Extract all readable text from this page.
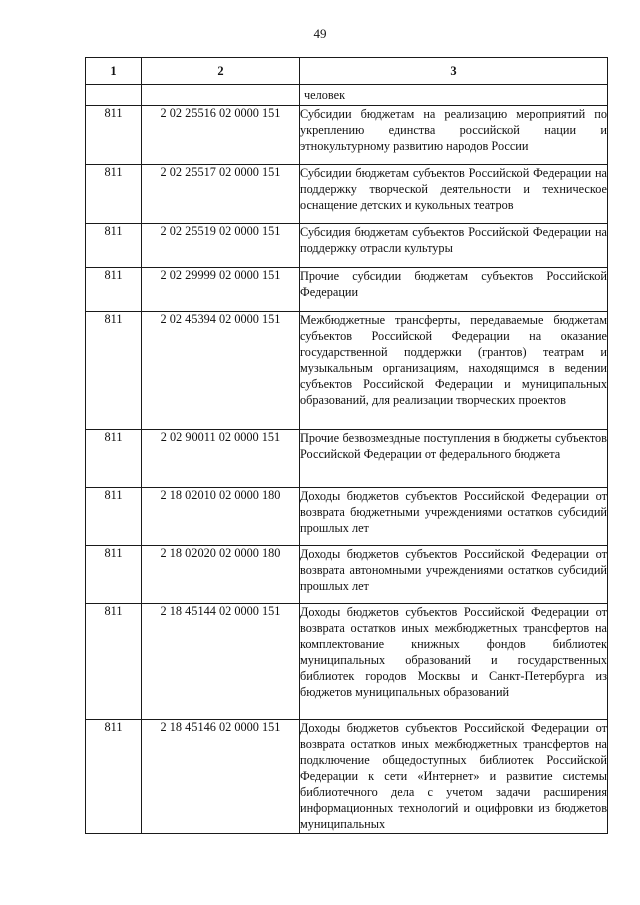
49
1	2	3
		человек
811	2 02 25516 02 0000 151	Субсидии бюджетам на реализацию мероприятий по укреплению единства российской нации и этнокультурному развитию народов России
811	2 02 25517 02 0000 151	Субсидии бюджетам субъектов Российской Федерации на поддержку творческой деятельности и техническое оснащение детских и кукольных театров
811	2 02 25519 02 0000 151	Субсидия бюджетам субъектов Российской Федерации на поддержку отрасли культуры
811	2 02 29999 02 0000 151	Прочие субсидии бюджетам субъектов Российской Федерации
811	2 02 45394 02 0000 151	Межбюджетные трансферты, передаваемые бюджетам субъектов Российской Федерации на оказание государственной поддержки (грантов) театрам и музыкальным организациям, находящимся в ведении субъектов Российской Федерации и муниципальных образований, для реализации творческих проектов
811	2 02 90011 02 0000 151	Прочие безвозмездные поступления в бюджеты субъектов Российской Федерации от федерального бюджета
811	2 18 02010 02 0000 180	Доходы бюджетов субъектов Российской Федерации от возврата бюджетными учреждениями остатков субсидий прошлых лет
811	2 18 02020 02 0000 180	Доходы бюджетов субъектов Российской Федерации от возврата автономными учреждениями остатков субсидий прошлых лет
811	2 18 45144 02 0000 151	Доходы бюджетов субъектов Российской Федерации от возврата остатков иных межбюджетных трансфертов на комплектование книжных фондов библиотек муниципальных образований и государственных библиотек городов Москвы и Санкт-Петербурга из бюджетов муниципальных образований
811	2 18 45146 02 0000 151	Доходы бюджетов субъектов Российской Федерации от возврата остатков иных межбюджетных трансфертов на подключение общедоступных библиотек Российской Федерации к сети «Интернет» и развитие системы библиотечного дела с учетом задачи расширения информационных технологий и оцифровки из бюджетов муниципальных
